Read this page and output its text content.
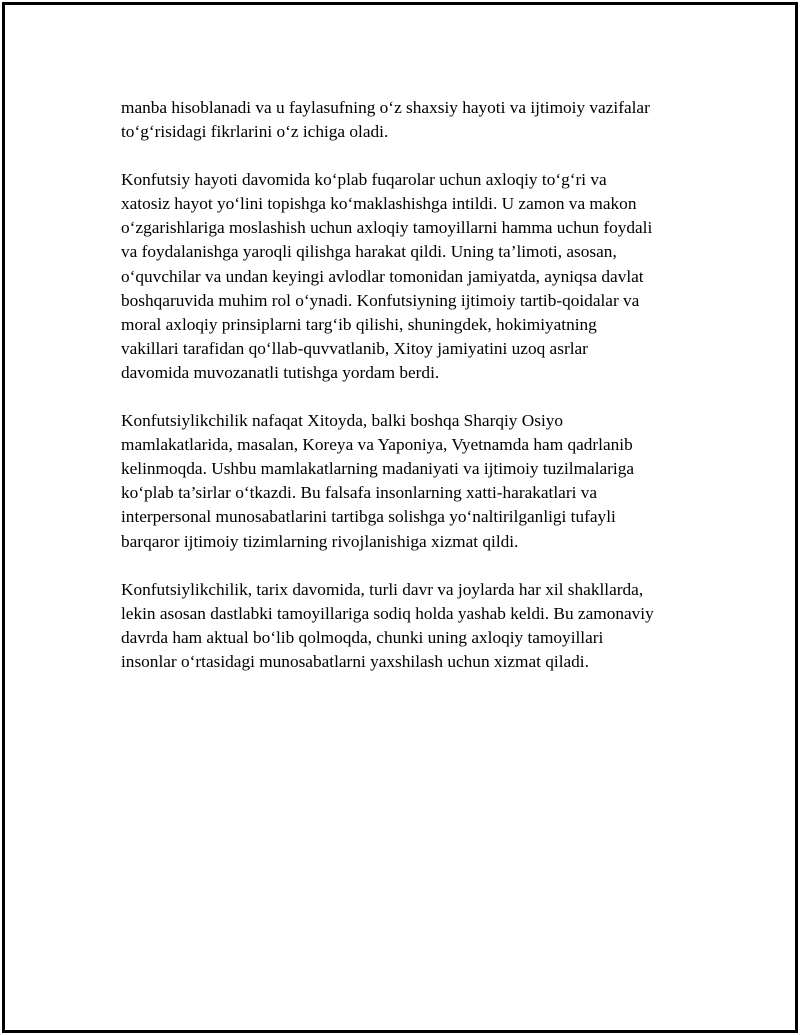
manba hisoblanadi va u faylasufning o‘z shaxsiy hayoti va ijtimoiy vazifalar
to‘g‘risidagi fikrlarini o‘z ichiga oladi.
Konfutsiy hayoti davomida ko‘plab fuqarolar uchun axloqiy to‘g‘ri va
xatosiz hayot yo‘lini topishga ko‘maklashishga intildi. U zamon va makon
o‘zgarishlariga moslashish uchun axloqiy tamoyillarni hamma uchun foydali
va foydalanishga yaroqli qilishga harakat qildi. Uning ta’limoti, asosan,
o‘quvchilar va undan keyingi avlodlar tomonidan jamiyatda, ayniqsa davlat
boshqaruvida muhim rol o‘ynadi. Konfutsiyning ijtimoiy tartib-qoidalar va
moral axloqiy prinsiplarni targ‘ib qilishi, shuningdek, hokimiyatning
vakillari tarafidan qo‘llab-quvvatlanib, Xitoy jamiyatini uzoq asrlar
davomida muvozanatli tutishga yordam berdi.
Konfutsiylikchilik nafaqat Xitoyda, balki boshqa Sharqiy Osiyo
mamlakatlarida, masalan, Koreya va Yaponiya, Vyetnamda ham qadrlanib
kelinmoqda. Ushbu mamlakatlarning madaniyati va ijtimoiy tuzilmalariga
ko‘plab ta’sirlar o‘tkazdi. Bu falsafa insonlarning xatti-harakatlari va
interpersonal munosabatlarini tartibga solishga yo‘naltirilganligi tufayli
barqaror ijtimoiy tizimlarning rivojlanishiga xizmat qildi.
Konfutsiylikchilik, tarix davomida, turli davr va joylarda har xil shakllarda,
lekin asosan dastlabki tamoyillariga sodiq holda yashab keldi. Bu zamonaviy
davrda ham aktual bo‘lib qolmoqda, chunki uning axloqiy tamoyillari
insonlar o‘rtasidagi munosabatlarni yaxshilash uchun xizmat qiladi.
